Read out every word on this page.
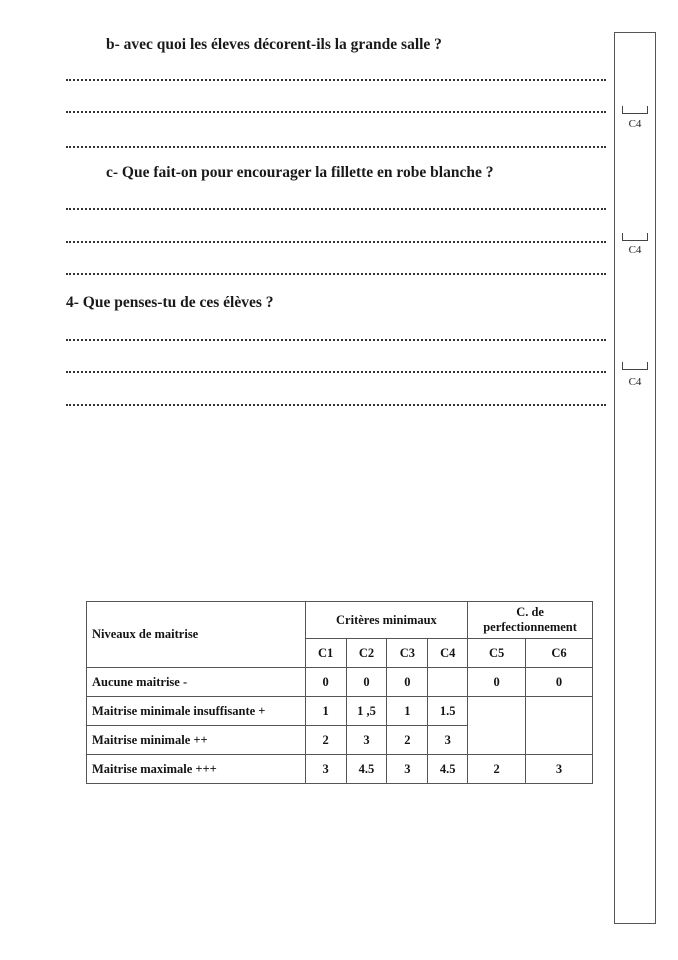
b- avec quoi les éleves décorent-ils la grande salle ?
c- Que fait-on pour encourager la fillette en robe blanche ?
4- Que penses-tu de ces élèves ?
C4
C4
C4
Niveaux de maitrise	Critères minimaux				C. de
perfectionnement	

	C1	C2	C3	C4	C5	C6
Aucune maitrise -	0	0	0		0	0
Maitrise minimale insuffisante +	1	1 ,5	1	1.5		
Maitrise minimale ++	2	3	2	3		
Maitrise maximale +++	3	4.5	3	4.5	2	3
